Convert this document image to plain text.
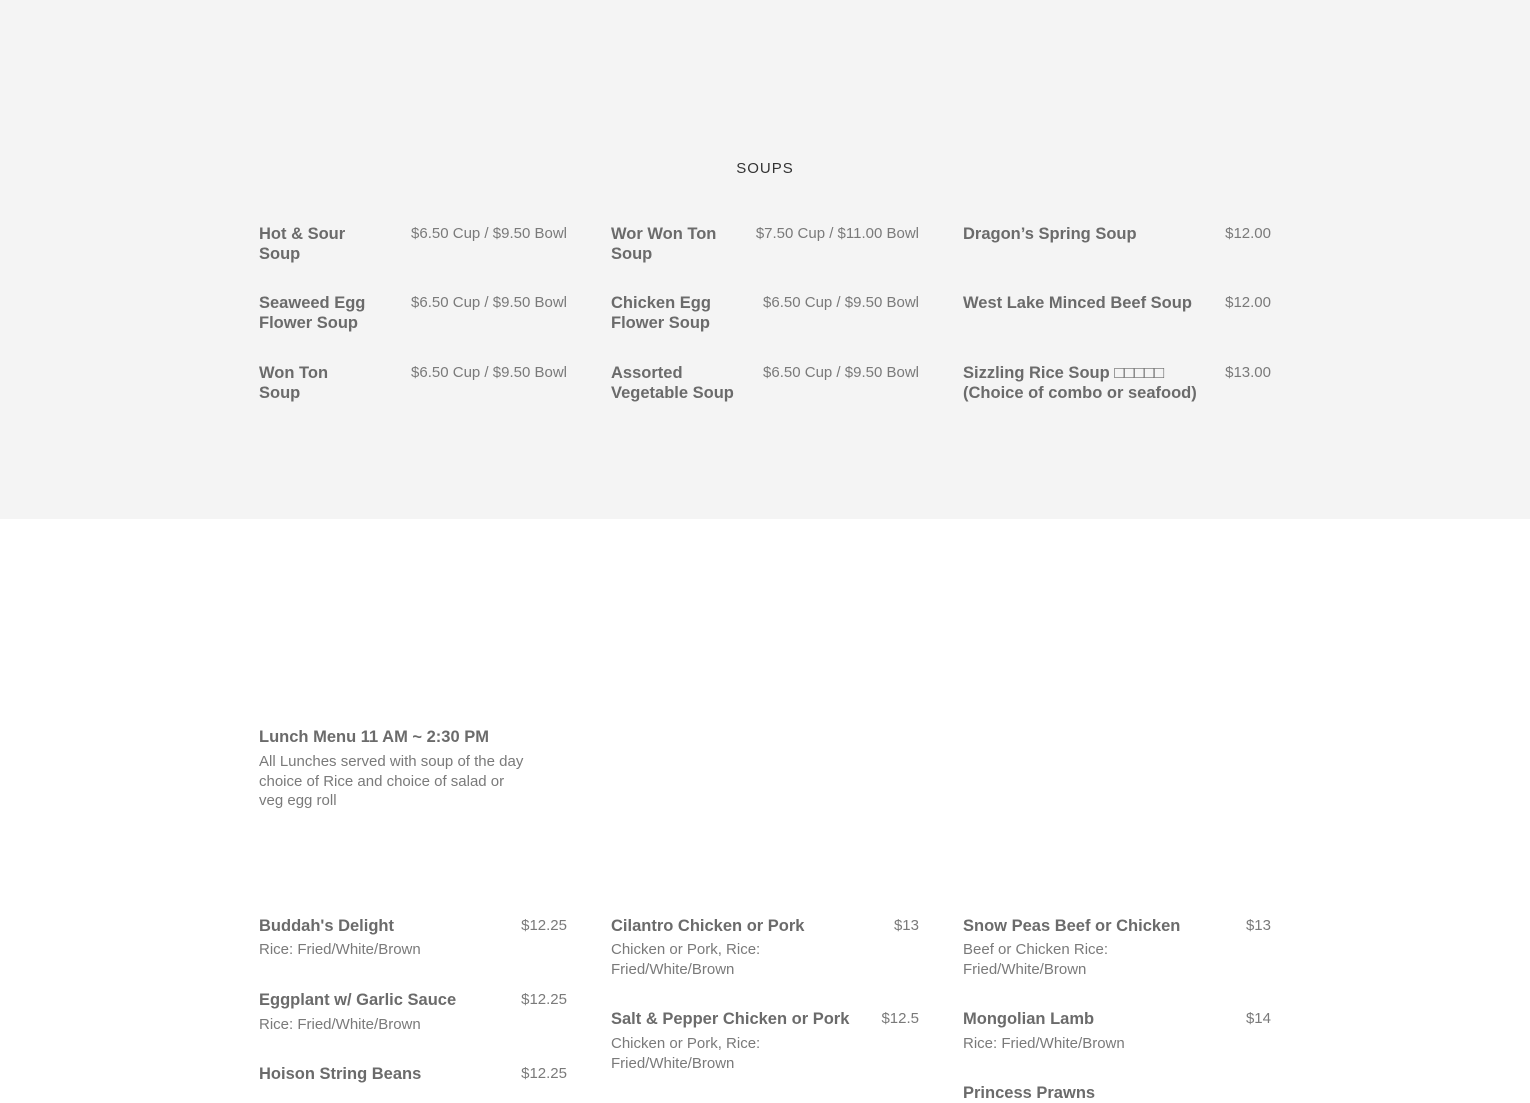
SOUPS
Hot & Sour Soup
$6.50 Cup / $9.50 Bowl
Seaweed Egg Flower Soup
$6.50 Cup / $9.50 Bowl
Won Ton Soup
$6.50 Cup / $9.50 Bowl
Wor Won Ton Soup
$7.50 Cup / $11.00 Bowl
Chicken Egg Flower Soup
$6.50 Cup / $9.50 Bowl
Assorted Vegetable Soup
$6.50 Cup / $9.50 Bowl
Dragon’s Spring Soup	$12.00
West Lake Minced Beef Soup	$12.00
Sizzling Rice Soup □□□□□ (Choice of combo or seafood)
$13.00
Lunch Menu 11 AM ~ 2:30 PM
All Lunches served with soup of the day choice of Rice and choice of salad or veg egg roll
Buddah's Delight	$12.25
Rice: Fried/White/Brown
Eggplant w/ Garlic Sauce	$12.25
Rice: Fried/White/Brown
Hoison String Beans	$12.25
Cilantro Chicken or Pork	$13
Chicken or Pork, Rice: Fried/White/Brown
Salt & Pepper Chicken or Pork $12.5
Chicken or Pork, Rice: Fried/White/Brown
Snow Peas Beef or Chicken	$13
Beef or Chicken Rice: Fried/White/Brown
Mongolian Lamb	$14
Rice: Fried/White/Brown
Princess Prawns
